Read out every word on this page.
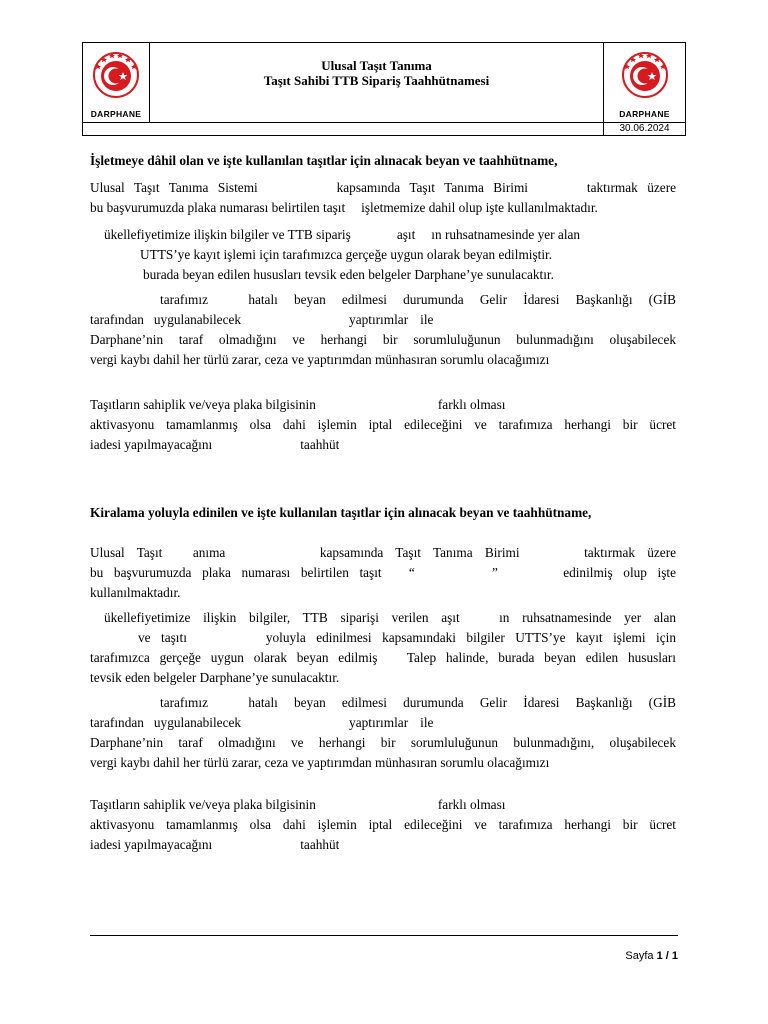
DARPHANE
Ulusal Taşıt Tanıma
Taşıt Sahibi TTB Sipariş Taahhütnamesi
DARPHANE
30.06.2024
İşletmeye dâhil olan ve işte kullanılan taşıtlar için alınacak beyan ve taahhütname,
Ulusal Taşıt Tanıma Sistemi	kapsamında Taşıt Tanıma Birimi	taktırmak üzere
bu başvurumuzda plaka numarası belirtilen taşıt işletmemize dahil olup işte kullanılmaktadır.
ükellefiyetimize ilişkin bilgiler ve TTB sipariş	aşıt ın ruhsatnamesinde yer alan
UTTS’ye kayıt işlemi için tarafımızca gerçeğe uygun olarak beyan edilmiştir.
burada beyan edilen hususları tevsik eden belgeler Darphane’ye sunulacaktır.
tarafımız	hatalı beyan edilmesi durumunda Gelir İdaresi Başkanlığı (GİB
tarafından uygulanabilecek	yaptırımlar ile
Darphane’nin taraf olmadığını ve herhangi bir sorumluluğunun bulunmadığını oluşabilecek
vergi kaybı dahil her türlü zarar, ceza ve yaptırımdan münhasıran sorumlu olacağımızı
Taşıtların sahiplik ve/veya plaka bilgisinin	farklı olması
aktivasyonu tamamlanmış olsa dahi işlemin iptal edileceğini ve tarafımıza herhangi bir ücret
iadesi yapılmayacağını	taahhüt
Kiralama yoluyla edinilen ve işte kullanılan taşıtlar için alınacak beyan ve taahhütname,
Ulusal Taşıt anıma	kapsamında Taşıt Tanıma Birimi	taktırmak üzere
bu başvurumuzda plaka numarası belirtilen taşıt “	”	edinilmiş olup işte
kullanılmaktadır.
ükellefiyetimize ilişkin bilgiler, TTB siparişi verilen aşıt	ın ruhsatnamesinde yer alan
ve taşıtı	yoluyla edinilmesi kapsamındaki bilgiler UTTS’ye kayıt işlemi için
tarafımızca gerçeğe uygun olarak beyan edilmiş Talep halinde, burada beyan edilen hususları
tevsik eden belgeler Darphane’ye sunulacaktır.
tarafımız	hatalı beyan edilmesi durumunda Gelir İdaresi Başkanlığı (GİB
tarafından uygulanabilecek	yaptırımlar ile
Darphane’nin taraf olmadığını ve herhangi bir sorumluluğunun bulunmadığını, oluşabilecek
vergi kaybı dahil her türlü zarar, ceza ve yaptırımdan münhasıran sorumlu olacağımızı
Taşıtların sahiplik ve/veya plaka bilgisinin	farklı olması
aktivasyonu tamamlanmış olsa dahi işlemin iptal edileceğini ve tarafımıza herhangi bir ücret
iadesi yapılmayacağını	taahhüt
Sayfa 1 / 1
